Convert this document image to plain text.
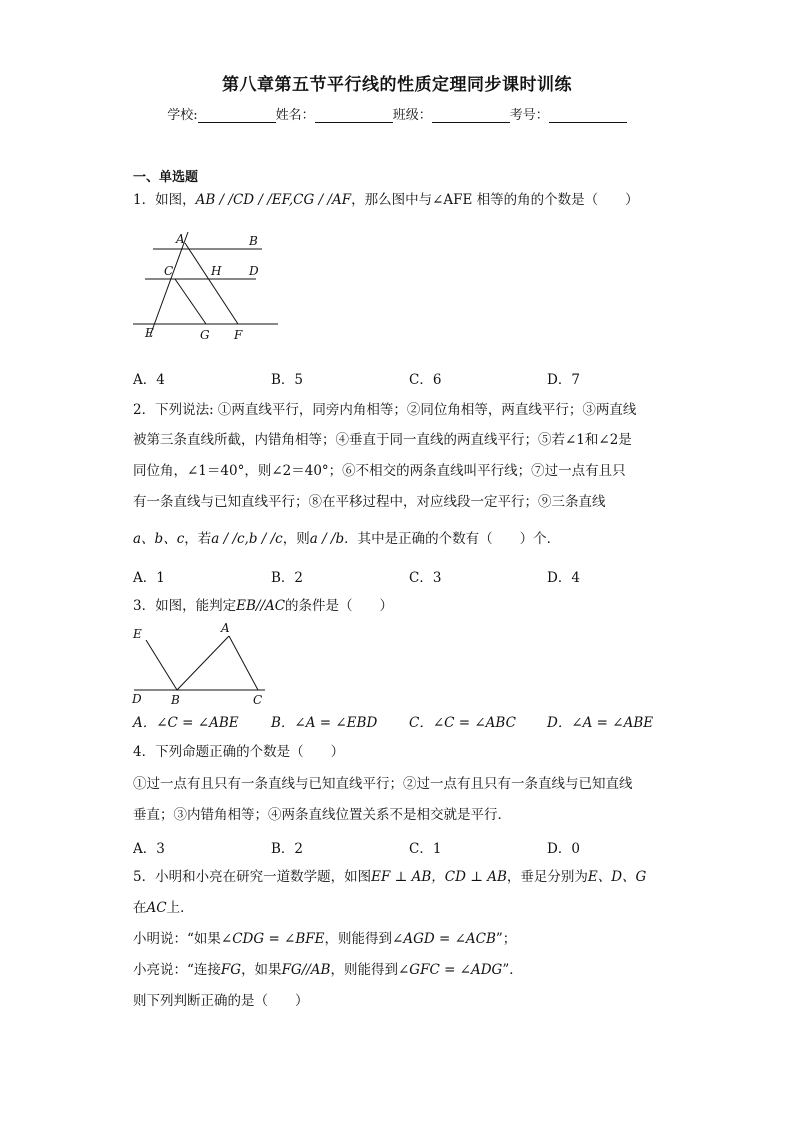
第八章第五节平行线的性质定理同步课时训练
学校:	姓名：	班级：	考号：
一、单选题
1．如图，AB / /CD / /EF,CG / /AF，那么图中与∠AFE 相等的角的个数是（　　）
A	B
C	H D
E	G F
A．4	B．5	C．6	D．7
2．下列说法: ①两直线平行，同旁内角相等；②同位角相等，两直线平行；③两直线
被第三条直线所截，内错角相等；④垂直于同一直线的两直线平行；⑤若∠1和∠2是
同位角，∠1＝40°，则∠2＝40°；⑥不相交的两条直线叫平行线；⑦过一点有且只
有一条直线与已知直线平行；⑧在平移过程中，对应线段一定平行；⑨三条直线
a、b、c，若a / /c,b / /c，则a / /b．其中是正确的个数有（　　）个．
A．1	B．2	C．3	D．4
3．如图，能判定EB//AC的条件是（　　）
E	A
D B	C
A．∠C = ∠ABE B．∠A = ∠EBD C．∠C = ∠ABC D．∠A = ∠ABE
4．下列命题正确的个数是（　　）
①过一点有且只有一条直线与已知直线平行；②过一点有且只有一条直线与已知直线
垂直；③内错角相等；④两条直线位置关系不是相交就是平行．
A．3	B．2	C．1	D．0
5．小明和小亮在研究一道数学题，如图EF ⊥ AB，CD ⊥ AB，垂足分别为E、D、G
在AC上．
小明说：“如果∠CDG = ∠BFE，则能得到∠AGD = ∠ACB”；
小亮说：“连接FG，如果FG//AB，则能得到∠GFC = ∠ADG”．
则下列判断正确的是（　　）
